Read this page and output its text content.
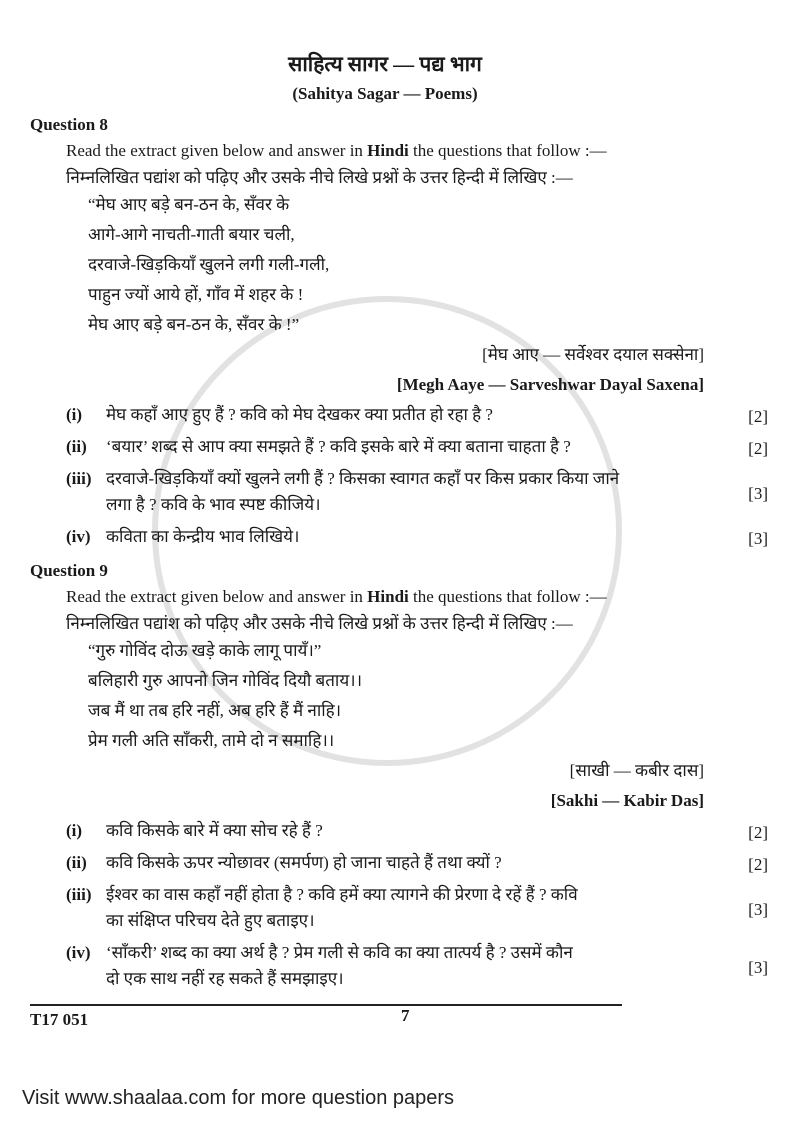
साहित्य सागर — पद्य भाग
(Sahitya Sagar — Poems)
Question 8
Read the extract given below and answer in Hindi the questions that follow :—
निम्नलिखित पद्यांश को पढ़िए और उसके नीचे लिखे प्रश्नों के उत्तर हिन्दी में लिखिए :—
“मेघ आए बड़े बन-ठन के, सँवर के
आगे-आगे नाचती-गाती बयार चली,
दरवाजे-खिड़कियाँ खुलने लगी गली-गली,
पाहुन ज्यों आये हों, गाँव में शहर के !
मेघ आए बड़े बन-ठन के, सँवर के !”
[मेघ आए — सर्वेश्वर दयाल सक्सेना]
[Megh Aaye — Sarveshwar Dayal Saxena]
(i)	मेघ कहाँ आए हुए हैं ? कवि को मेघ देखकर क्या प्रतीत हो रहा है ?	[2]
(ii)	‘बयार’ शब्द से आप क्या समझते हैं ? कवि इसके बारे में क्या बताना चाहता है ?	[2]
(iii) दरवाजे-खिड़कियाँ क्यों खुलने लगी हैं ? किसका स्वागत कहाँ पर किस प्रकार किया जाने
लगा है ? कवि के भाव स्पष्ट कीजिये।
[3]
(iv) कविता का केन्द्रीय भाव लिखिये।	[3]
Question 9
Read the extract given below and answer in Hindi the questions that follow :—
निम्नलिखित पद्यांश को पढ़िए और उसके नीचे लिखे प्रश्नों के उत्तर हिन्दी में लिखिए :—
“गुरु गोविंद दोऊ खड़े काके लागू पायँ।”
बलिहारी गुरु आपनो जिन गोविंद दियौ बताय।।
जब मैं था तब हरि नहीं, अब हरि हैं मैं नाहि।
प्रेम गली अति साँकरी, तामे दो न समाहि।।
[साखी — कबीर दास]
[Sakhi — Kabir Das]
(i)	कवि किसके बारे में क्या सोच रहे हैं ?	[2]
(ii)	कवि किसके ऊपर न्योछावर (समर्पण) हो जाना चाहते हैं तथा क्यों ?	[2]
(iii) ईश्वर का वास कहाँ नहीं होता है ? कवि हमें क्या त्यागने की प्रेरणा दे रहें हैं ? कवि
का संक्षिप्त परिचय देते हुए बताइए।
[3]
(iv) ‘साँकरी’ शब्द का क्या अर्थ है ? प्रेम गली से कवि का क्या तात्पर्य है ? उसमें कौन
दो एक साथ नहीं रह सकते हैं समझाइए।
[3]
T17 051	7
Visit www.shaalaa.com for more question papers
